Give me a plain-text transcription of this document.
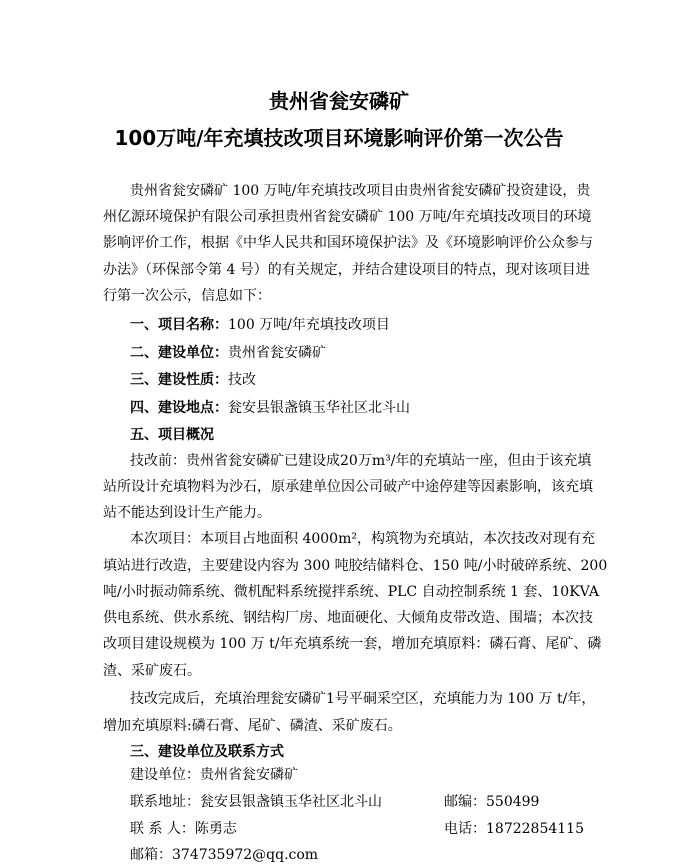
贵州省瓮安磷矿
100万吨/年充填技改项目环境影响评价第一次公告
贵州省瓮安磷矿 100 万吨/年充填技改项目由贵州省瓮安磷矿投资建设，贵
州亿源环境保护有限公司承担贵州省瓮安磷矿 100 万吨/年充填技改项目的环境
影响评价工作，根据《中华人民共和国环境保护法》及《环境影响评价公众参与
办法》（环保部令第 4 号）的有关规定，并结合建设项目的特点，现对该项目进
行第一次公示，信息如下：
一、项目名称：100 万吨/年充填技改项目
二、建设单位：贵州省瓮安磷矿
三、建设性质：技改
四、建设地点：瓮安县银盏镇玉华社区北斗山
五、项目概况
技改前：贵州省瓮安磷矿已建设成20万m³/年的充填站一座，但由于该充填
站所设计充填物料为沙石，原承建单位因公司破产中途停建等因素影响，该充填
站不能达到设计生产能力。
本次项目：本项目占地面积 4000m²，构筑物为充填站，本次技改对现有充
填站进行改造，主要建设内容为 300 吨胶结储料仓、150 吨/小时破碎系统、200
吨/小时振动筛系统、微机配料系统搅拌系统、PLC 自动控制系统 1 套、10KVA
供电系统、供水系统、钢结构厂房、地面硬化、大倾角皮带改造、围墙；本次技
改项目建设规模为 100 万 t/年充填系统一套，增加充填原料：磷石膏、尾矿、磷
渣、采矿废石。
技改完成后，充填治理瓮安磷矿1号平硐采空区，充填能力为 100 万 t/年，
增加充填原料:磷石膏、尾矿、磷渣、采矿废石。
三、建设单位及联系方式
建设单位：贵州省瓮安磷矿
联系地址：瓮安县银盏镇玉华社区北斗山	邮编：550499
联 系 人：陈勇志	电话：18722854115
邮箱：374735972@qq.com
